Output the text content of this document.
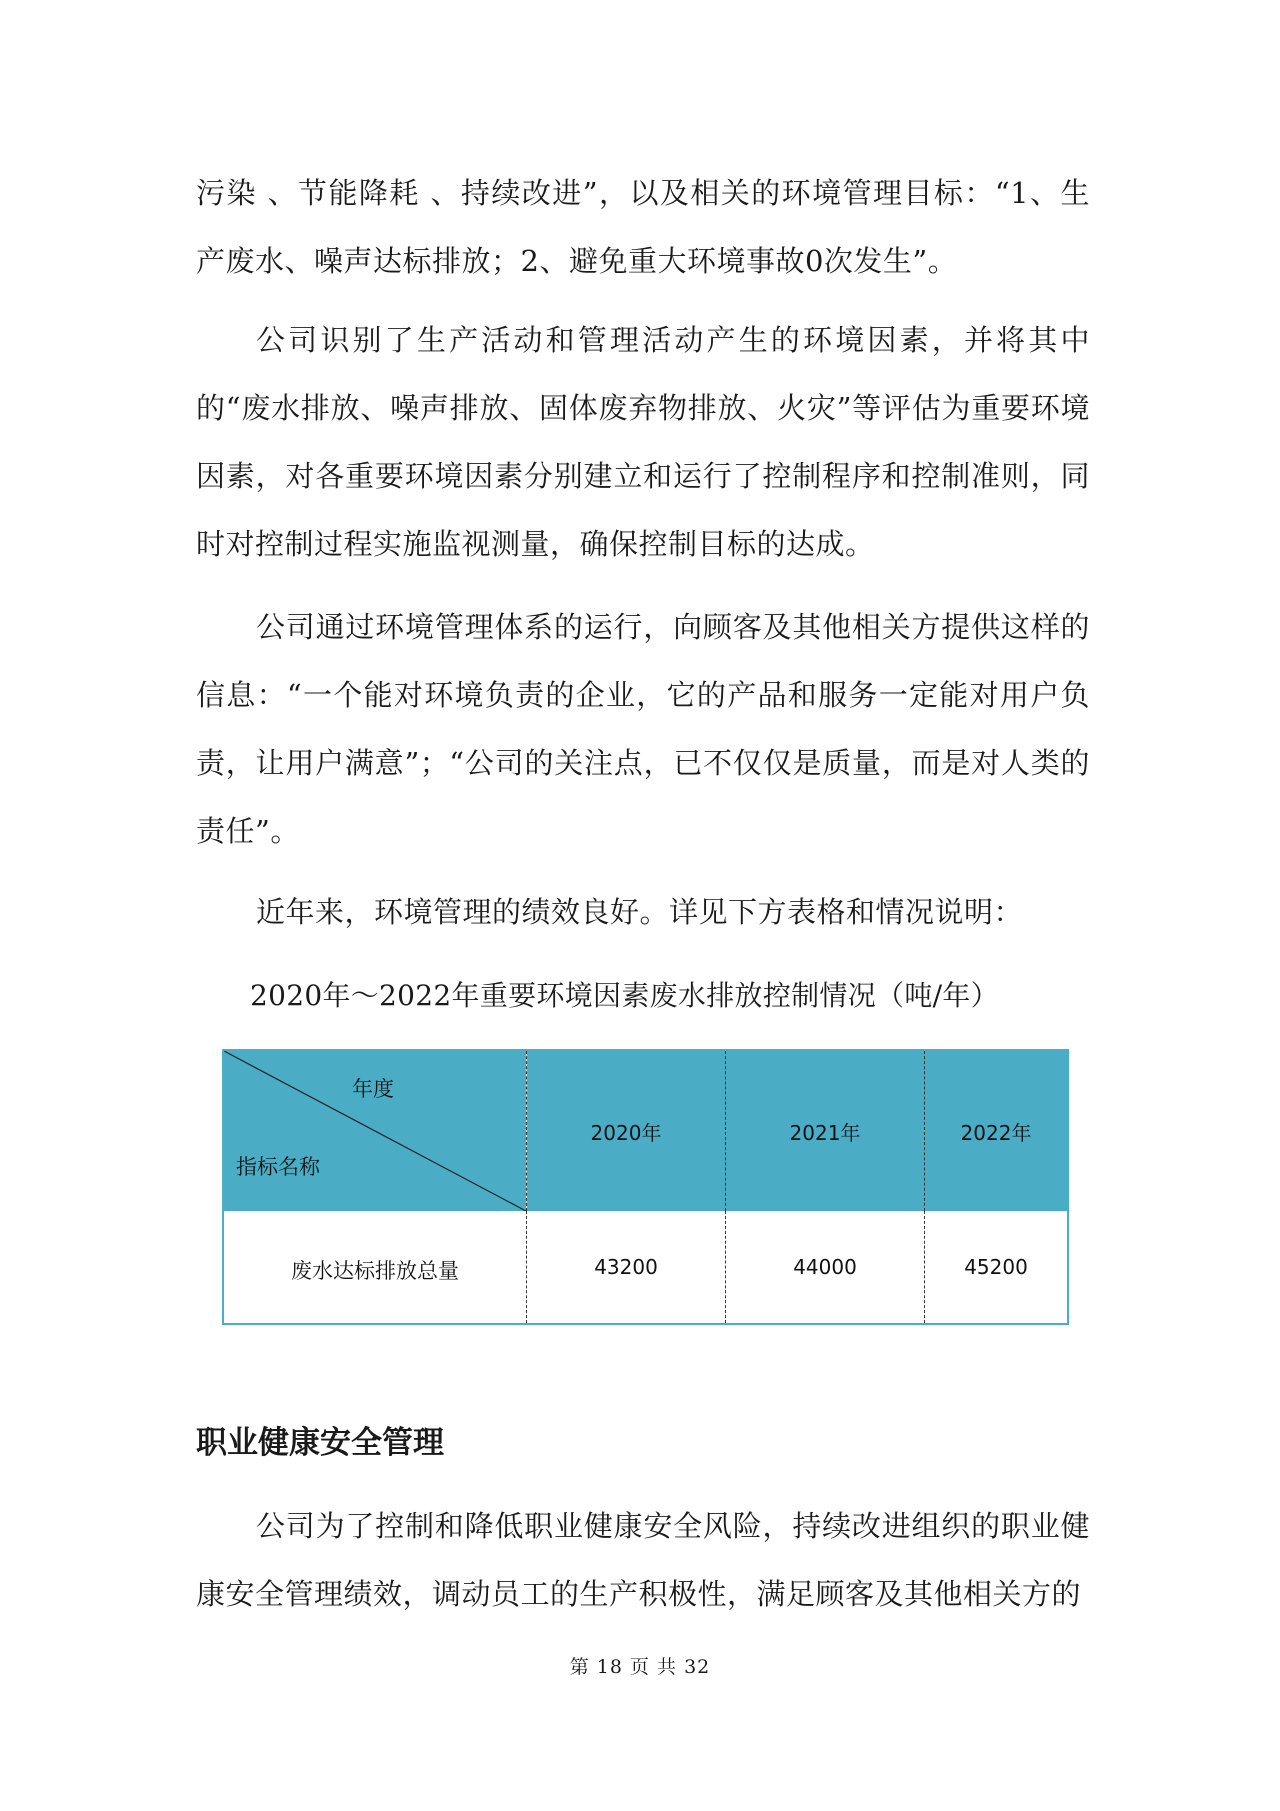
污染 、节能降耗 、持续改进”，以及相关的环境管理目标：“1、生产废水、噪声达标排放；2、避免重大环境事故0次发生”。

公司识别了生产活动和管理活动产生的环境因素，并将其中的“废水排放、噪声排放、固体废弃物排放、火灾”等评估为重要环境因素，对各重要环境因素分别建立和运行了控制程序和控制准则，同时对控制过程实施监视测量，确保控制目标的达成。

公司通过环境管理体系的运行，向顾客及其他相关方提供这样的信息：“一个能对环境负责的企业，它的产品和服务一定能对用户负责，让用户满意”；“公司的关注点，已不仅仅是质量，而是对人类的责任”。

近年来，环境管理的绩效良好。详见下方表格和情况说明：

2020年～2022年重要环境因素废水排放控制情况（吨/年）

年度
指标名称	2020年	2021年	2022年
废水达标排放总量	43200	44000	45200
职业健康安全管理

公司为了控制和降低职业健康安全风险，持续改进组织的职业健康安全管理绩效，调动员工的生产积极性，满足顾客及其他相关方的

第 18 页 共 32
